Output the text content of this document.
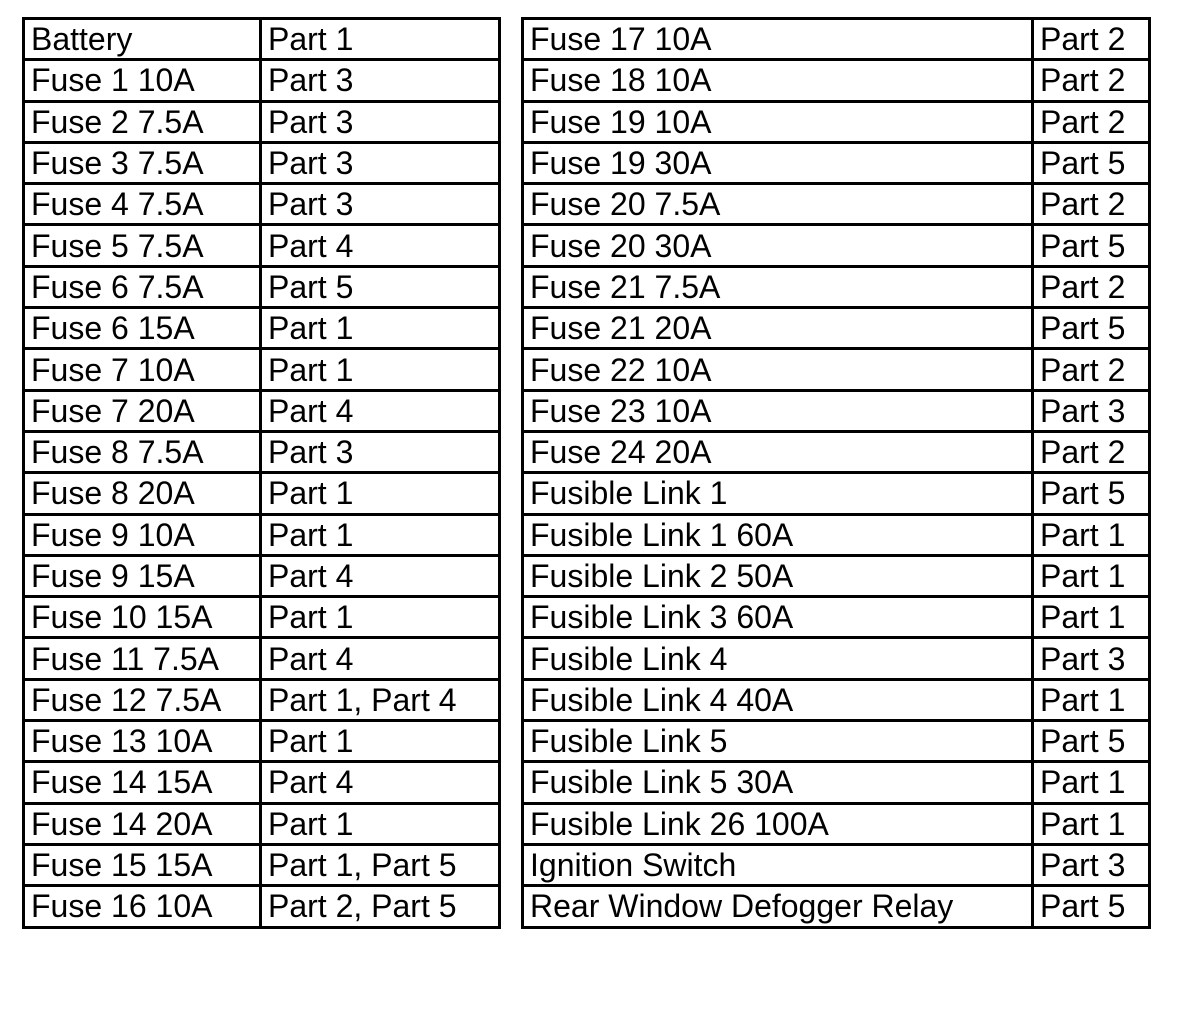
Battery	Part 1
Fuse 1 10A	Part 3
Fuse 2 7.5A	Part 3
Fuse 3 7.5A	Part 3
Fuse 4 7.5A	Part 3
Fuse 5 7.5A	Part 4
Fuse 6 7.5A	Part 5
Fuse 6 15A	Part 1
Fuse 7 10A	Part 1
Fuse 7 20A	Part 4
Fuse 8 7.5A	Part 3
Fuse 8 20A	Part 1
Fuse 9 10A	Part 1
Fuse 9 15A	Part 4
Fuse 10 15A	Part 1
Fuse 11 7.5A	Part 4
Fuse 12 7.5A	Part 1, Part 4
Fuse 13 10A	Part 1
Fuse 14 15A	Part 4
Fuse 14 20A	Part 1
Fuse 15 15A	Part 1, Part 5
Fuse 16 10A	Part 2, Part 5
Fuse 17 10A	Part 2
Fuse 18 10A	Part 2
Fuse 19 10A	Part 2
Fuse 19 30A	Part 5
Fuse 20 7.5A	Part 2
Fuse 20 30A	Part 5
Fuse 21 7.5A	Part 2
Fuse 21 20A	Part 5
Fuse 22 10A	Part 2
Fuse 23 10A	Part 3
Fuse 24 20A	Part 2
Fusible Link 1	Part 5
Fusible Link 1 60A	Part 1
Fusible Link 2 50A	Part 1
Fusible Link 3 60A	Part 1
Fusible Link 4	Part 3
Fusible Link 4 40A	Part 1
Fusible Link 5	Part 5
Fusible Link 5 30A	Part 1
Fusible Link 26 100A	Part 1
Ignition Switch	Part 3
Rear Window Defogger Relay	Part 5
